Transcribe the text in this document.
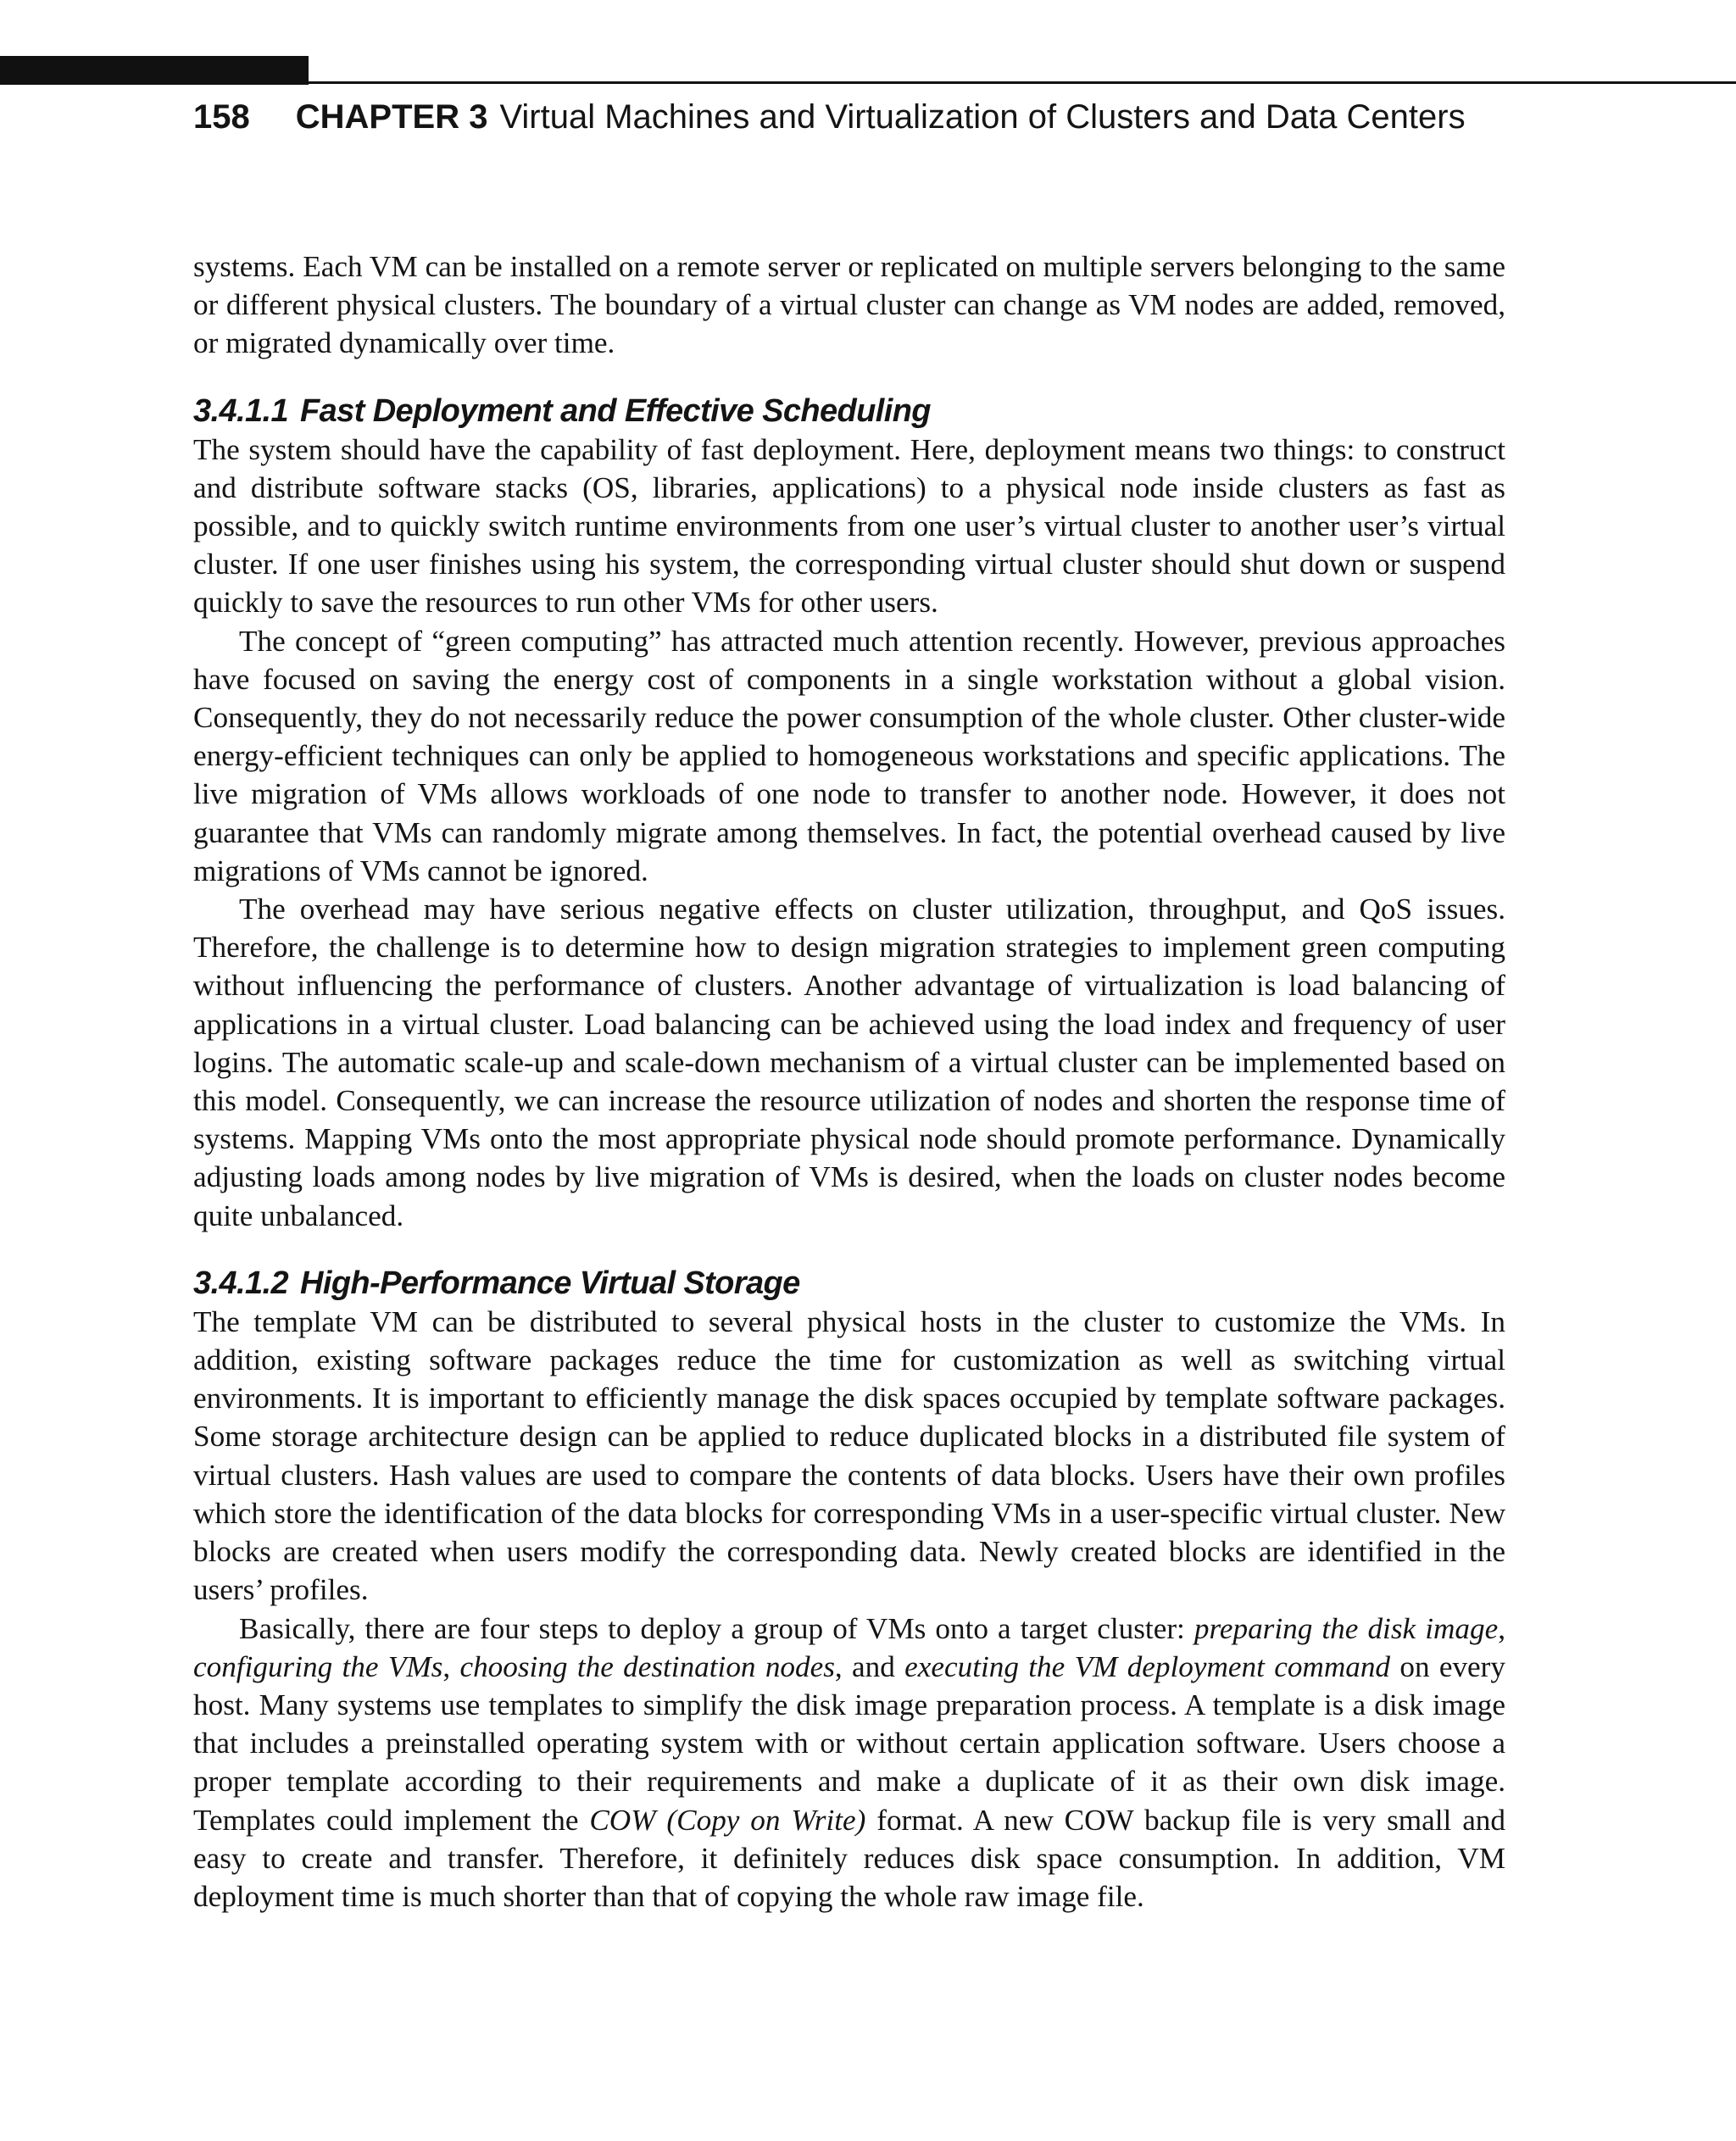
158 CHAPTER 3 Virtual Machines and Virtualization of Clusters and Data Centers

systems. Each VM can be installed on a remote server or replicated on multiple servers belonging to the same or different physical clusters. The boundary of a virtual cluster can change as VM nodes are added, removed, or migrated dynamically over time.

3.4.1.1 Fast Deployment and Effective Scheduling

The system should have the capability of fast deployment. Here, deployment means two things: to construct and distribute software stacks (OS, libraries, applications) to a physical node inside clusters as fast as possible, and to quickly switch runtime environments from one user’s virtual cluster to another user’s virtual cluster. If one user finishes using his system, the corresponding virtual cluster should shut down or suspend quickly to save the resources to run other VMs for other users.

The concept of “green computing” has attracted much attention recently. However, previous approaches have focused on saving the energy cost of components in a single workstation without a global vision. Consequently, they do not necessarily reduce the power consumption of the whole cluster. Other cluster-wide energy-efficient techniques can only be applied to homogeneous workstations and specific applications. The live migration of VMs allows workloads of one node to transfer to another node. However, it does not guarantee that VMs can randomly migrate among themselves. In fact, the potential overhead caused by live migrations of VMs cannot be ignored.

The overhead may have serious negative effects on cluster utilization, throughput, and QoS issues. Therefore, the challenge is to determine how to design migration strategies to implement green computing without influencing the performance of clusters. Another advantage of virtualization is load balancing of applications in a virtual cluster. Load balancing can be achieved using the load index and frequency of user logins. The automatic scale-up and scale-down mechanism of a virtual cluster can be implemented based on this model. Consequently, we can increase the resource utilization of nodes and shorten the response time of systems. Mapping VMs onto the most appropriate physical node should promote performance. Dynamically adjusting loads among nodes by live migration of VMs is desired, when the loads on cluster nodes become quite unbalanced.

3.4.1.2 High-Performance Virtual Storage

The template VM can be distributed to several physical hosts in the cluster to customize the VMs. In addition, existing software packages reduce the time for customization as well as switching virtual environments. It is important to efficiently manage the disk spaces occupied by template software packages. Some storage architecture design can be applied to reduce duplicated blocks in a distributed file system of virtual clusters. Hash values are used to compare the contents of data blocks. Users have their own profiles which store the identification of the data blocks for corresponding VMs in a user-specific virtual cluster. New blocks are created when users modify the corresponding data. Newly created blocks are identified in the users’ profiles.

Basically, there are four steps to deploy a group of VMs onto a target cluster: preparing the disk image, configuring the VMs, choosing the destination nodes, and executing the VM deployment command on every host. Many systems use templates to simplify the disk image preparation process. A template is a disk image that includes a preinstalled operating system with or without certain application software. Users choose a proper template according to their requirements and make a duplicate of it as their own disk image. Templates could implement the COW (Copy on Write) format. A new COW backup file is very small and easy to create and transfer. Therefore, it definitely reduces disk space consumption. In addition, VM deployment time is much shorter than that of copying the whole raw image file.
